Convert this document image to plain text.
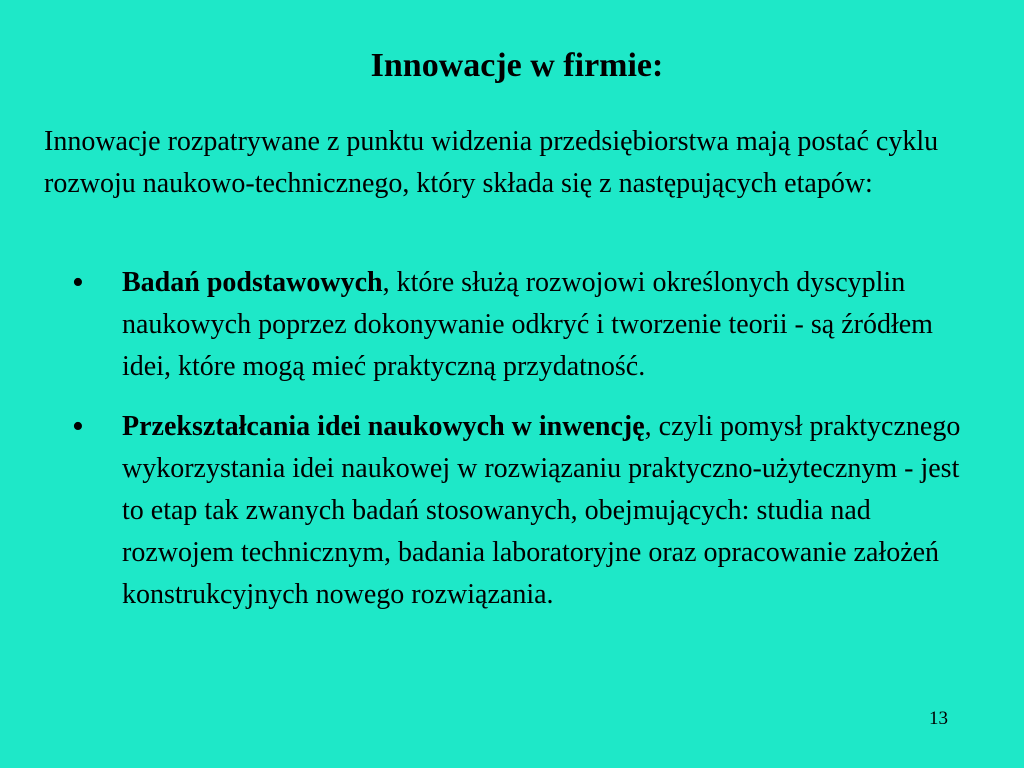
Innowacje w firmie:
Innowacje rozpatrywane z punktu widzenia przedsiębiorstwa mają postać cyklu rozwoju naukowo-technicznego, który składa się z następujących etapów:
• Badań podstawowych, które służą rozwojowi określonych dyscyplin naukowych poprzez dokonywanie odkryć i tworzenie teorii - są źródłem idei, które mogą mieć praktyczną przydatność.
• Przekształcania idei naukowych w inwencję, czyli pomysł praktycznego wykorzystania idei naukowej w rozwiązaniu praktyczno-użytecznym - jest to etap tak zwanych badań stosowanych, obejmujących: studia nad rozwojem technicznym, badania laboratoryjne oraz opracowanie założeń konstrukcyjnych nowego rozwiązania.
13
